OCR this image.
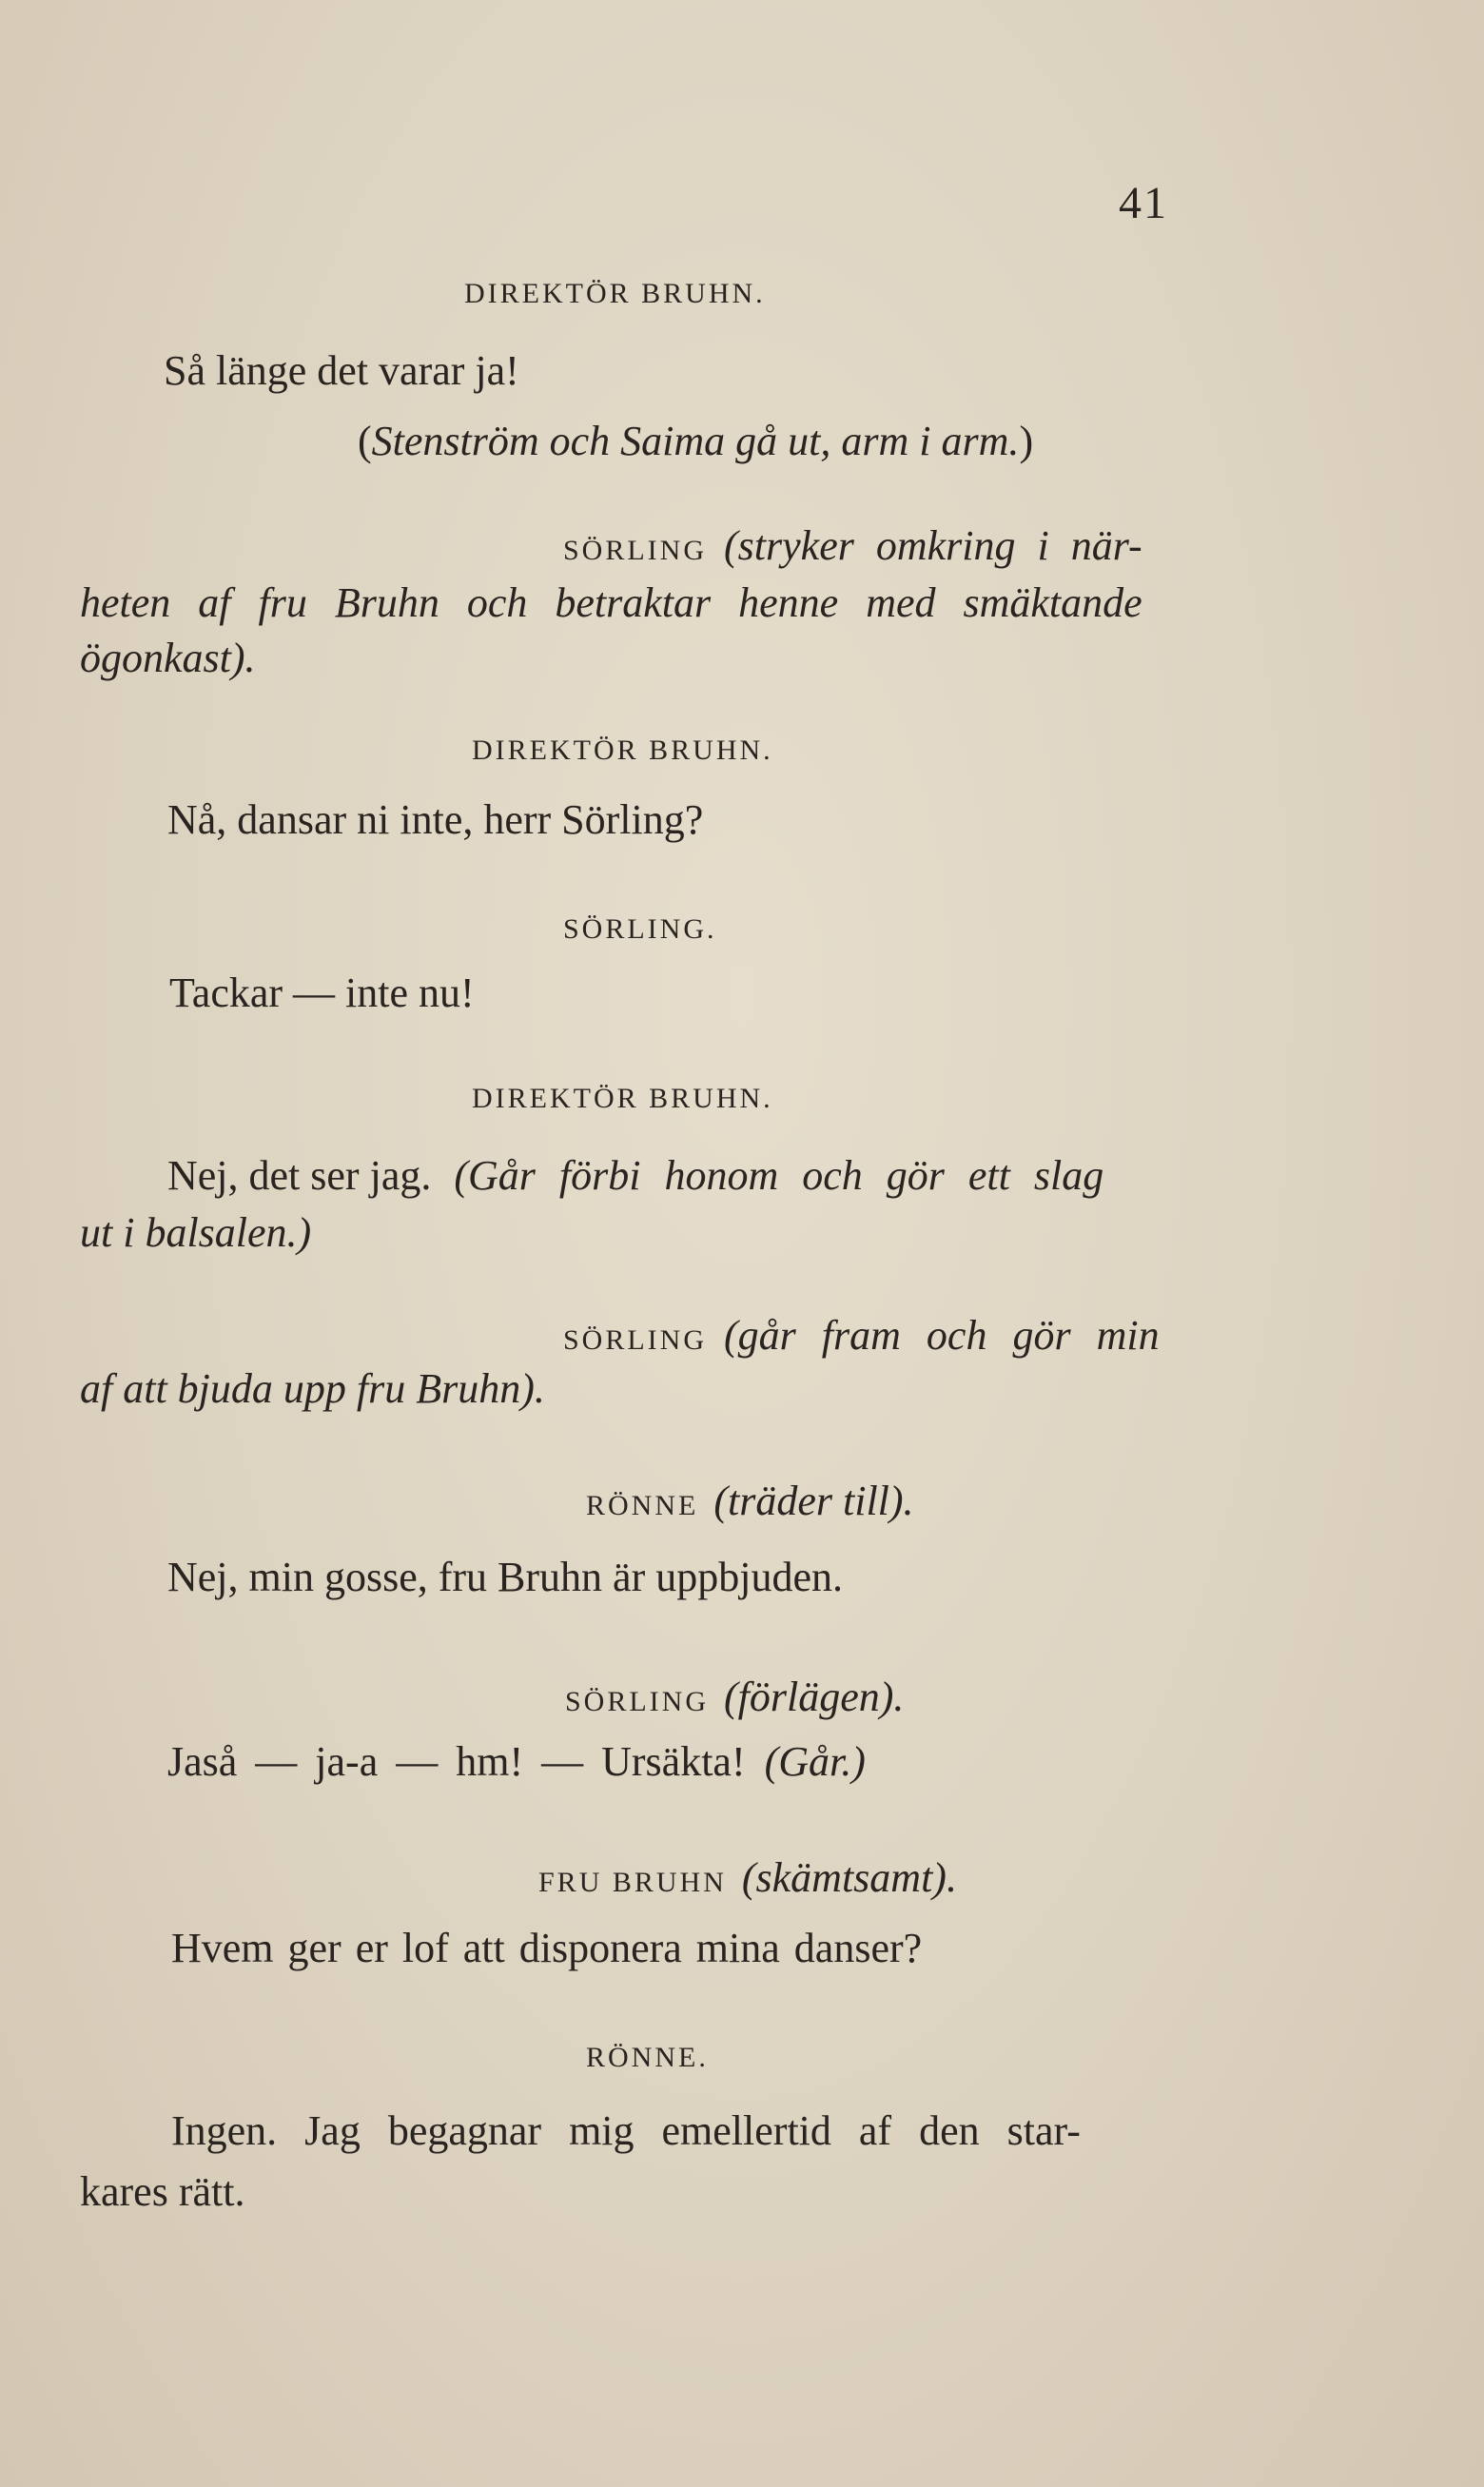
41
DIREKTÖR BRUHN.
Så länge det varar ja!
(Stenström och Saima gå ut, arm i arm.)
SÖRLING (stryker omkring i när-
heten af fru Bruhn och betraktar henne med smäktande
ögonkast).
DIREKTÖR BRUHN.
Nå, dansar ni inte, herr Sörling?
SÖRLING.
Tackar — inte nu!
DIREKTÖR BRUHN.
Nej, det ser jag. (Går förbi honom och gör ett slag
ut i balsalen.)
SÖRLING (går fram och gör min
af att bjuda upp fru Bruhn).
RÖNNE (träder till).
Nej, min gosse, fru Bruhn är uppbjuden.
SÖRLING (förlägen).
Jaså — ja-a — hm! — Ursäkta! (Går.)
FRU BRUHN (skämtsamt).
Hvem ger er lof att disponera mina danser?
RÖNNE.
Ingen. Jag begagnar mig emellertid af den star-
kares rätt.
